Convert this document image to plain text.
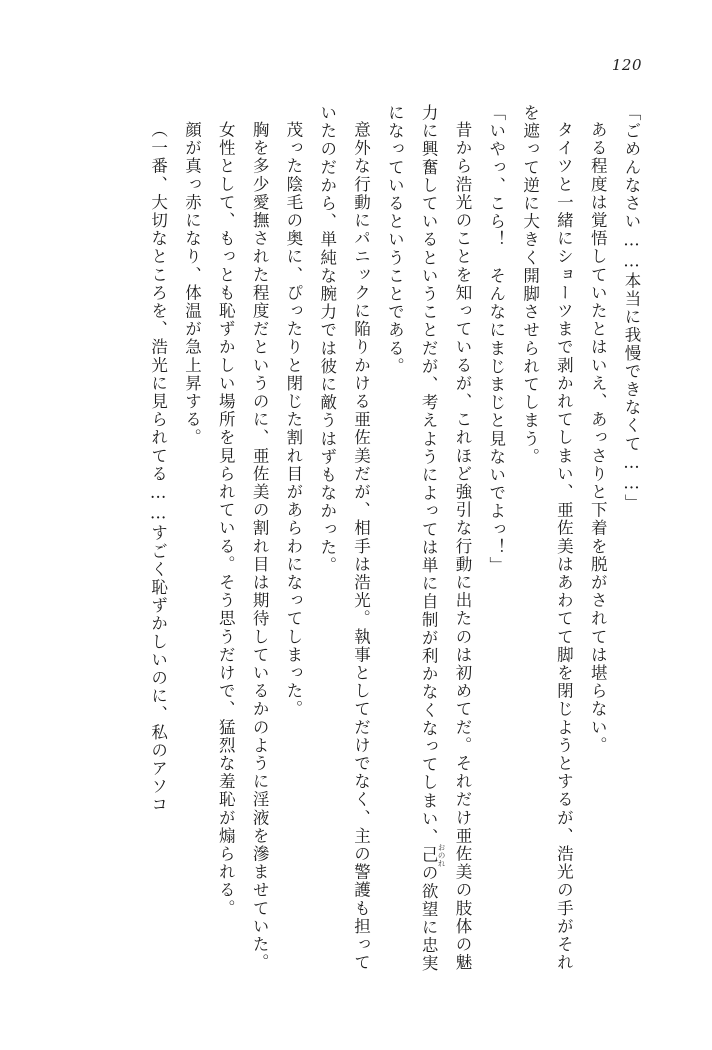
120

「ごめんなさい……本当に我慢できなくて……」

ある程度は覚悟していたとはいえ、あっさりと下着を脱がされては堪らない。

タイツと一緒にショーツまで剥かれてしまい、亜佐美はあわてて脚を閉じようとするが、浩光の手がそれを遮って逆に大きく開脚させられてしまう。

「いやっ、こら！　そんなにまじまじと見ないでよっ！」

昔から浩光のことを知っているが、これほど強引な行動に出たのは初めてだ。それだけ亜佐美の肢体の魅力に興奮しているということだが、考えようによっては単に自制が利かなくなってしまい、己 おのれの欲望に忠実になっているということである。

意外な行動にパニックに陥りかける亜佐美だが、相手は浩光。執事としてだけでなく、主の警護も担っていたのだから、単純な腕力では彼に敵うはずもなかった。

茂った陰毛の奥に、ぴったりと閉じた割れ目があらわになってしまった。

胸を多少愛撫された程度だというのに、亜佐美の割れ目は期待しているかのように淫液を滲ませていた。

女性として、もっとも恥ずかしい場所を見られている。そう思うだけで、猛烈な羞恥が煽られる。

顔が真っ赤になり、体温が急上昇する。

（一番、大切なところを、浩光に見られてる……すごく恥ずかしいのに、私のアソコ
